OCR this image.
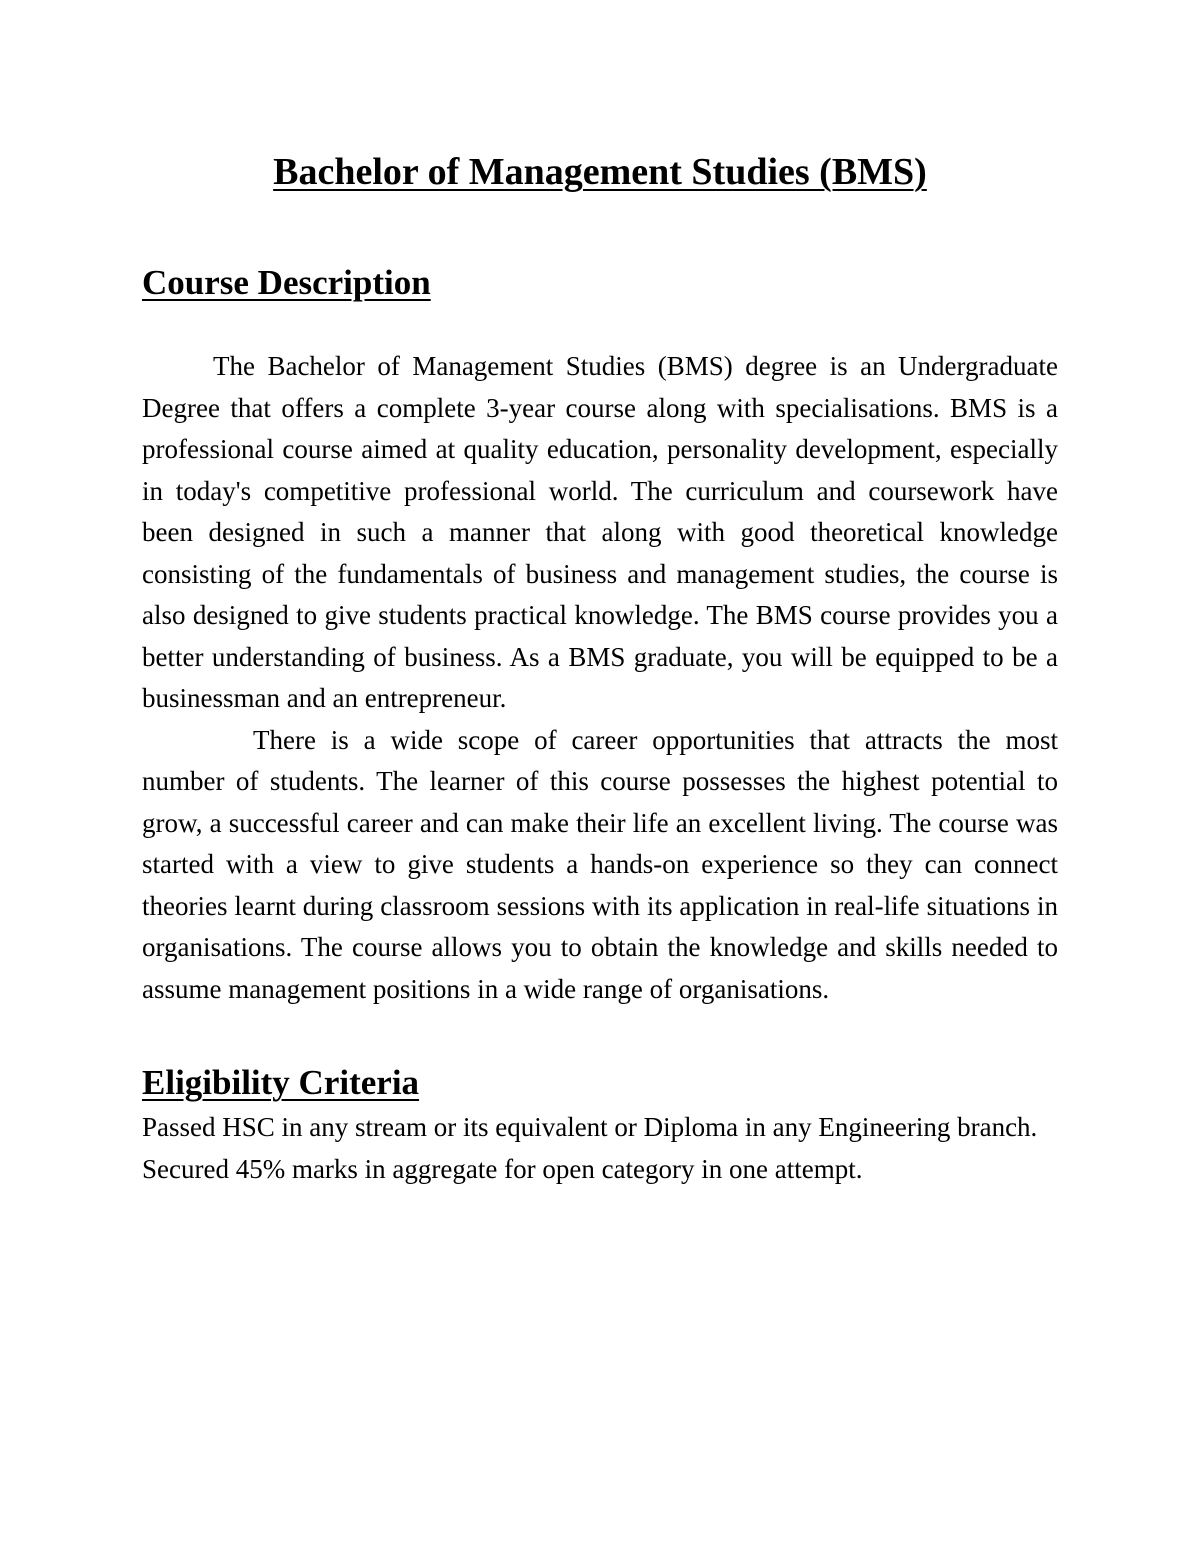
Bachelor of Management Studies (BMS)
Course Description

The Bachelor of Management Studies (BMS) degree is an Undergraduate Degree that offers a complete 3-year course along with specialisations. BMS is a professional course aimed at quality education, personality development, especially in today's competitive professional world. The curriculum and coursework have been designed in such a manner that along with good theoretical knowledge consisting of the fundamentals of business and management studies, the course is also designed to give students practical knowledge. The BMS course provides you a better understanding of business. As a BMS graduate, you will be equipped to be a businessman and an entrepreneur.

There is a wide scope of career opportunities that attracts the most number of students. The learner of this course possesses the highest potential to grow, a successful career and can make their life an excellent living. The course was started with a view to give students a hands-on experience so they can connect theories learnt during classroom sessions with its application in real-life situations in organisations. The course allows you to obtain the knowledge and skills needed to assume management positions in a wide range of organisations.

Eligibility Criteria

Passed HSC in any stream or its equivalent or Diploma in any Engineering branch.

Secured 45% marks in aggregate for open category in one attempt.
